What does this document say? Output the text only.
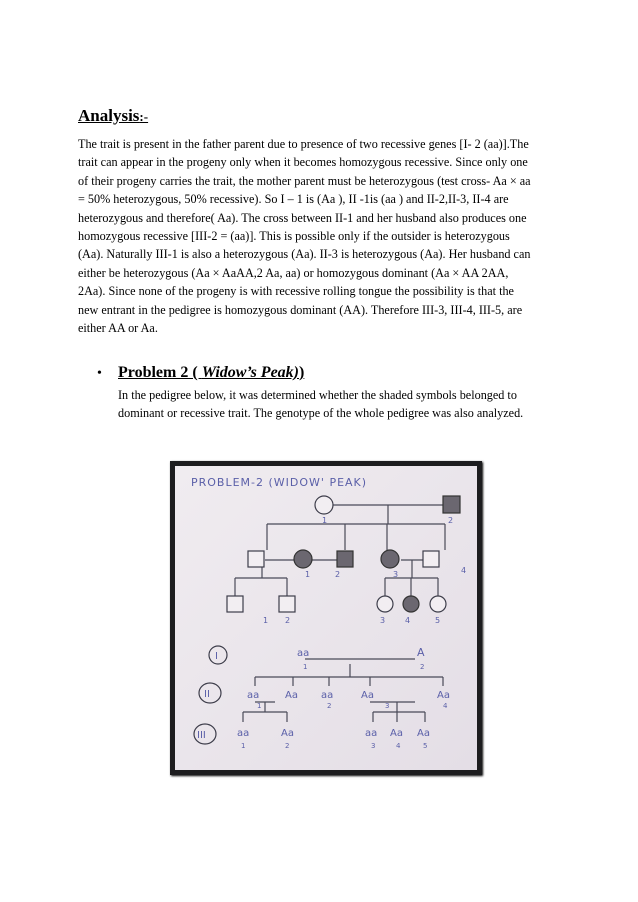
Analysis:-
The trait is present in the father parent due to presence of two recessive genes [I- 2 (aa)].The
trait can appear in the progeny only when it becomes homozygous recessive. Since only one
of their progeny carries the trait, the mother parent must be heterozygous (test cross- Aa × aa
= 50% heterozygous, 50% recessive). So I – 1 is (Aa ), II -1is (aa ) and II-2,II-3, II-4 are
heterozygous and therefore( Aa). The cross between II-1 and her husband also produces one
homozygous recessive [III-2 = (aa)]. This is possible only if the outsider is heterozygous
(Aa). Naturally III-1 is also a heterozygous (Aa). II-3 is heterozygous (Aa). Her husband can
either be heterozygous (Aa × AaAA,2 Aa, aa) or homozygous dominant (Aa × AA 2AA,
2Aa). Since none of the progeny is with recessive rolling tongue the possibility is that the
new entrant in the pedigree is homozygous dominant (AA). Therefore III-3, III-4, III-5, are
either AA or Aa.
• Problem 2 ( Widow’s Peak))
In the pedigree below, it was determined whether the shaded symbols belonged to
dominant or recessive trait. The genotype of the whole pedigree was also analyzed.
PROBLEM-2 (WIDOW' PEAK)
1	2
1	2	3	4
1 2	3 4	5
I
II
III
aa	A
1	2
aa	Aa aa	Aa	Aa
1	2	3	4
aa	Aa	aa Aa Aa
1	2	3	4	5
